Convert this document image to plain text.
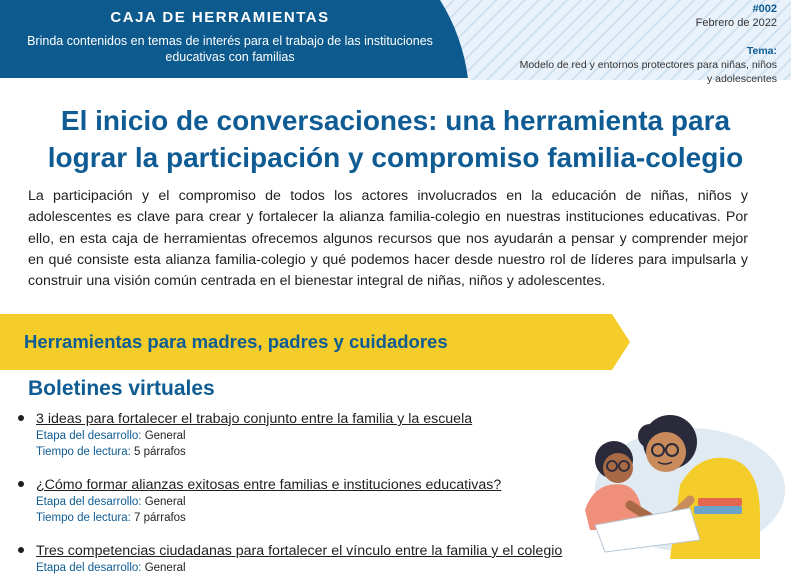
CAJA DE HERRAMIENTAS
Brinda contenidos en temas de interés para el trabajo de las instituciones educativas con familias
#002
Febrero de 2022
Tema:
Modelo de red y entornos protectores para niñas, niños y adolescentes
El inicio de conversaciones: una herramienta para
lograr la participación y compromiso familia-colegio

La participación y el compromiso de todos los actores involucrados en la educación de niñas, niños y adolescentes es clave para crear y fortalecer la alianza familia-colegio en nuestras instituciones educativas. Por ello, en esta caja de herramientas ofrecemos algunos recursos que nos ayudarán a pensar y comprender mejor en qué consiste esta alianza familia-colegio y qué podemos hacer desde nuestro rol de líderes para impulsarla y construir una visión común centrada en el bienestar integral de niñas, niños y adolescentes.

Herramientas para madres, padres y cuidadores
Boletines virtuales
3 ideas para fortalecer el trabajo conjunto entre la familia y la escuela
Etapa del desarrollo: General
Tiempo de lectura: 5 párrafos
¿Cómo formar alianzas exitosas entre familias e instituciones educativas?
Etapa del desarrollo: General
Tiempo de lectura: 7 párrafos
Tres competencias ciudadanas para fortalecer el vínculo entre la familia y el colegio
Etapa del desarrollo: General
